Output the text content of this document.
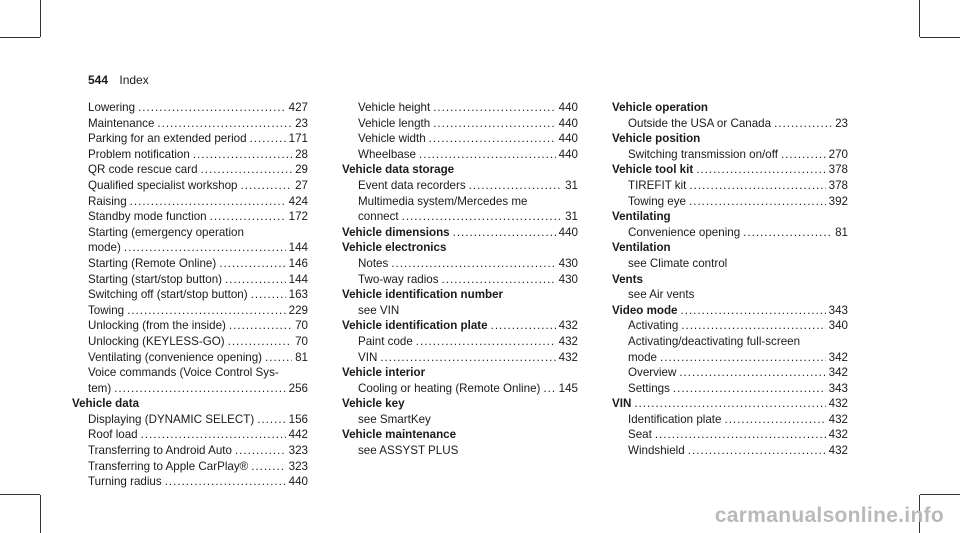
544 Index
Lowering .....	427
Maintenance .....	23
Parking for an extended period .....	171
Problem notification .....	28
QR code rescue card .....	29
Qualified specialist workshop .....	27
Raising .....	424
Standby mode function .....	172
Starting (emergency operation
mode) .....	144
Starting (Remote Online) .....	146
Starting (start/stop button) .....	144
Switching off (start/stop button) .....	163
Towing .....	229
Unlocking (from the inside) .....	70
Unlocking (KEYLESS-GO) .....	70
Ventilating (convenience opening) .....	81
Voice commands (Voice Control Sys-
tem) .....	256
Vehicle data
Displaying (DYNAMIC SELECT) .....	156
Roof load .....	442
Transferring to Android Auto .....	323
Transferring to Apple CarPlay® .....	323
Turning radius .....	440
Vehicle height .....	440
Vehicle length .....	440
Vehicle width .....	440
Wheelbase .....	440
Vehicle data storage
Event data recorders .....	31
Multimedia system/Mercedes me
connect .....	31
Vehicle dimensions .....	440
Vehicle electronics
Notes .....	430
Two-way radios .....	430
Vehicle identification number
see VIN
Vehicle identification plate .....	432
Paint code .....	432
VIN .....	432
Vehicle interior
Cooling or heating (Remote Online) ..... 145
Vehicle key
see SmartKey
Vehicle maintenance
see ASSYST PLUS
Vehicle operation
Outside the USA or Canada .....	23
Vehicle position
Switching transmission on/off .....	270
Vehicle tool kit .....	378
TIREFIT kit .....	378
Towing eye .....	392
Ventilating
Convenience opening .....	81
Ventilation
see Climate control
Vents
see Air vents
Video mode .....	343
Activating .....	340
Activating/deactivating full-screen
mode .....	342
Overview .....	342
Settings .....	343
VIN .....	432
Identification plate .....	432
Seat .....	432
Windshield .....	432
carmanualsonline.info
